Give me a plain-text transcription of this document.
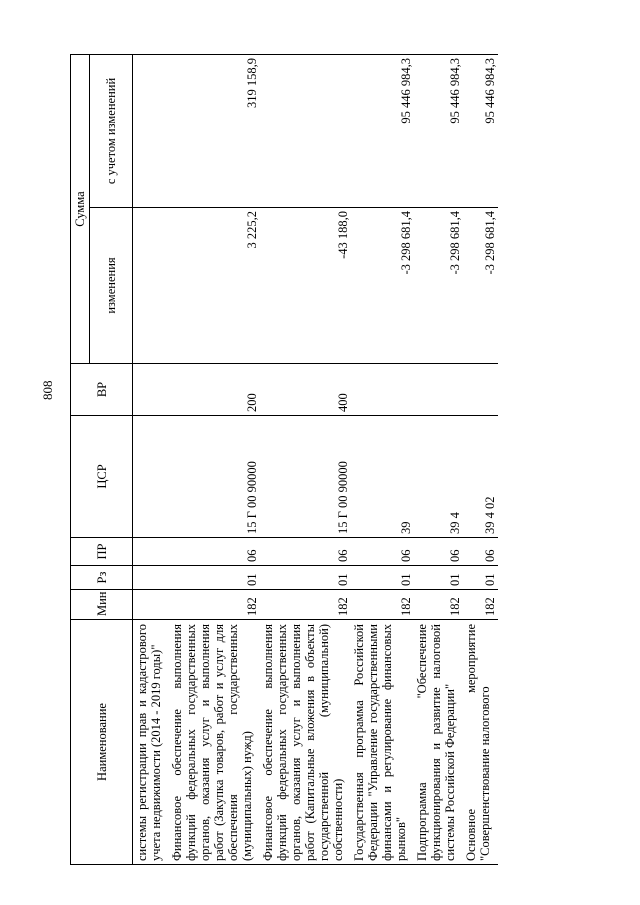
808
Наименование	Мин	Рз	ПР	ЦСР	ВР	Сумма	
						изменения	с учетом изменений
системы регистрации прав и кадастрового учета недвижимости (2014 - 2019 годы)"							
Финансовое обеспечение выполнения функций федеральных государственных органов, оказания услуг и выполнения работ (Закупка товаров, работ и услуг для обеспечения государственных (муниципальных) нужд)	182	01	06	15 Г 00 90000	200	3 225,2	319 158,9
Финансовое обеспечение выполнения функций федеральных государственных органов, оказания услуг и выполнения работ (Капитальные вложения в объекты государственной (муниципальной) собственности)	182	01	06	15 Г 00 90000	400	-43 188,0	
Государственная программа Российской Федерации "Управление государственными финансами и регулирование финансовых рынков"	182	01	06	39		-3 298 681,4	95 446 984,3
Подпрограмма "Обеспечение функционирования и развитие налоговой системы Российской Федерации"	182	01	06	39 4		-3 298 681,4	95 446 984,3
Основное мероприятие "Совершенствование налогового	182	01	06	39 4 02		-3 298 681,4	95 446 984,3
